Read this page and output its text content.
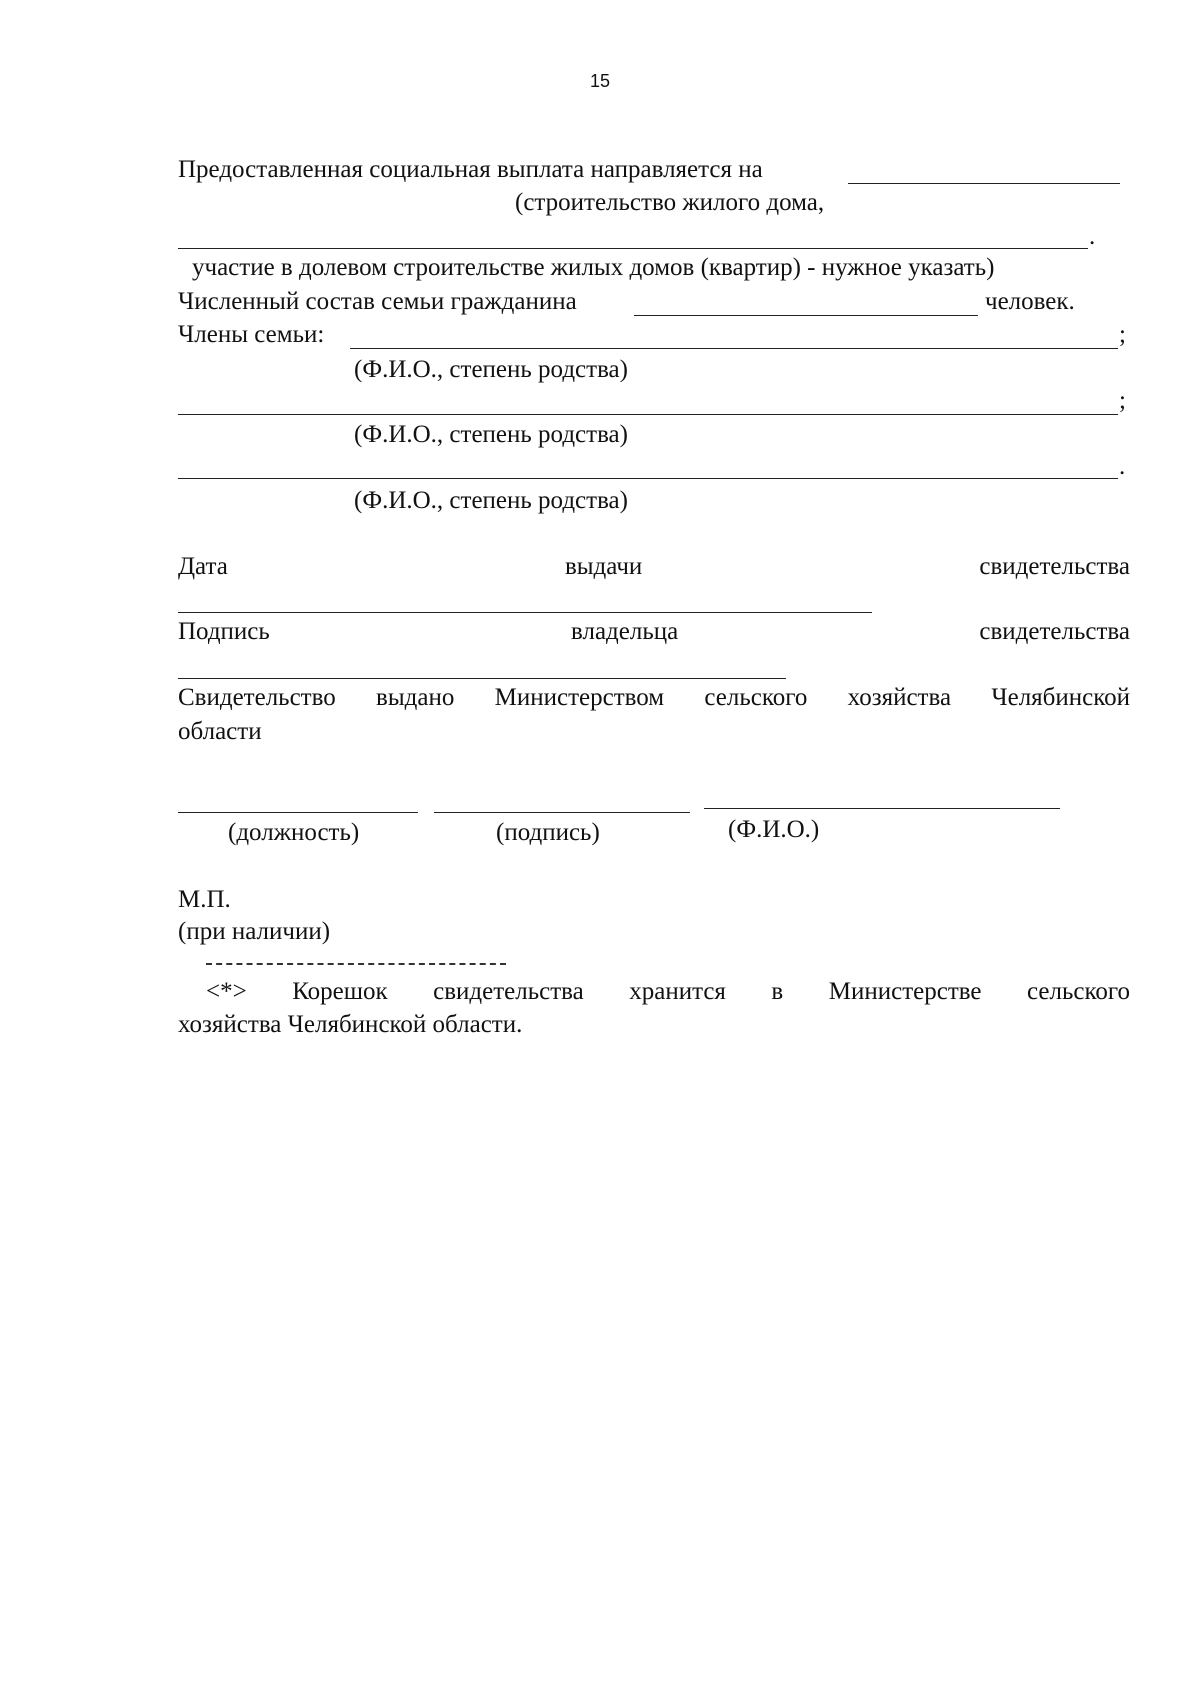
15
Предоставленная социальная выплата направляется на
(строительство жилого дома,
.
участие в долевом строительстве жилых домов (квартир) - нужное указать)
Численный состав семьи гражданина	человек.
Члены семьи:	;
(Ф.И.О., степень родства)
;
(Ф.И.О., степень родства)
.
(Ф.И.О., степень родства)
Дата	выдачи	свидетельства
Подпись	владельца	свидетельства
Свидетельство выдано Министерством сельского хозяйства Челябинской
области
(должность)	(подпись)	(Ф.И.О.)
М.П.
(при наличии)
<*> Корешок свидетельства хранится в Министерстве сельского
хозяйства Челябинской области.
